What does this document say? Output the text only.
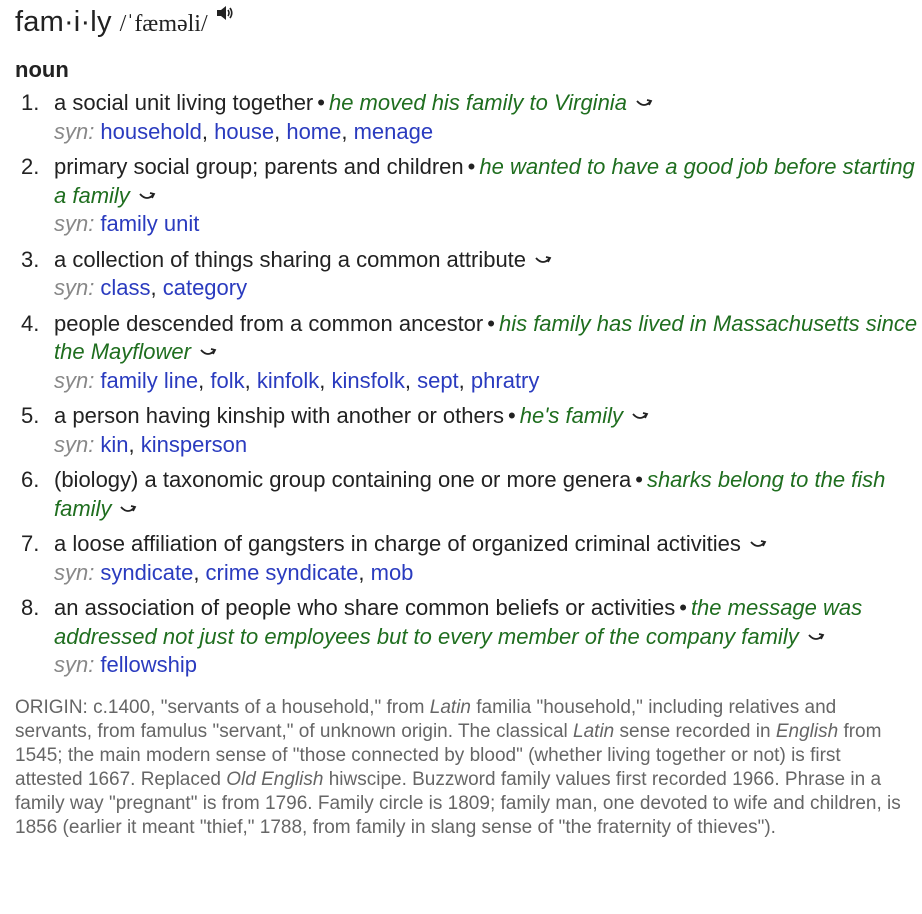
fam·i·ly /ˈfæməli/
noun
1. a social unit living together • he moved his family to Virginia
syn: household, house, home, menage
2. primary social group; parents and children • he wanted to have a good job before starting a family
syn: family unit
3. a collection of things sharing a common attribute
syn: class, category
4. people descended from a common ancestor • his family has lived in Massachusetts since the Mayflower
syn: family line, folk, kinfolk, kinsfolk, sept, phratry
5. a person having kinship with another or others • he's family
syn: kin, kinsperson
6. (biology) a taxonomic group containing one or more genera • sharks belong to the fish family
7. a loose affiliation of gangsters in charge of organized criminal activities
syn: syndicate, crime syndicate, mob
8. an association of people who share common beliefs or activities • the message was addressed not just to employees but to every member of the company family
syn: fellowship
ORIGIN: c.1400, "servants of a household," from Latin familia "household," including relatives and servants, from famulus "servant," of unknown origin. The classical Latin sense recorded in English from 1545; the main modern sense of "those connected by blood" (whether living together or not) is first attested 1667. Replaced Old English hiwscipe. Buzzword family values first recorded 1966. Phrase in a family way "pregnant" is from 1796. Family circle is 1809; family man, one devoted to wife and children, is 1856 (earlier it meant "thief," 1788, from family in slang sense of "the fraternity of thieves").
